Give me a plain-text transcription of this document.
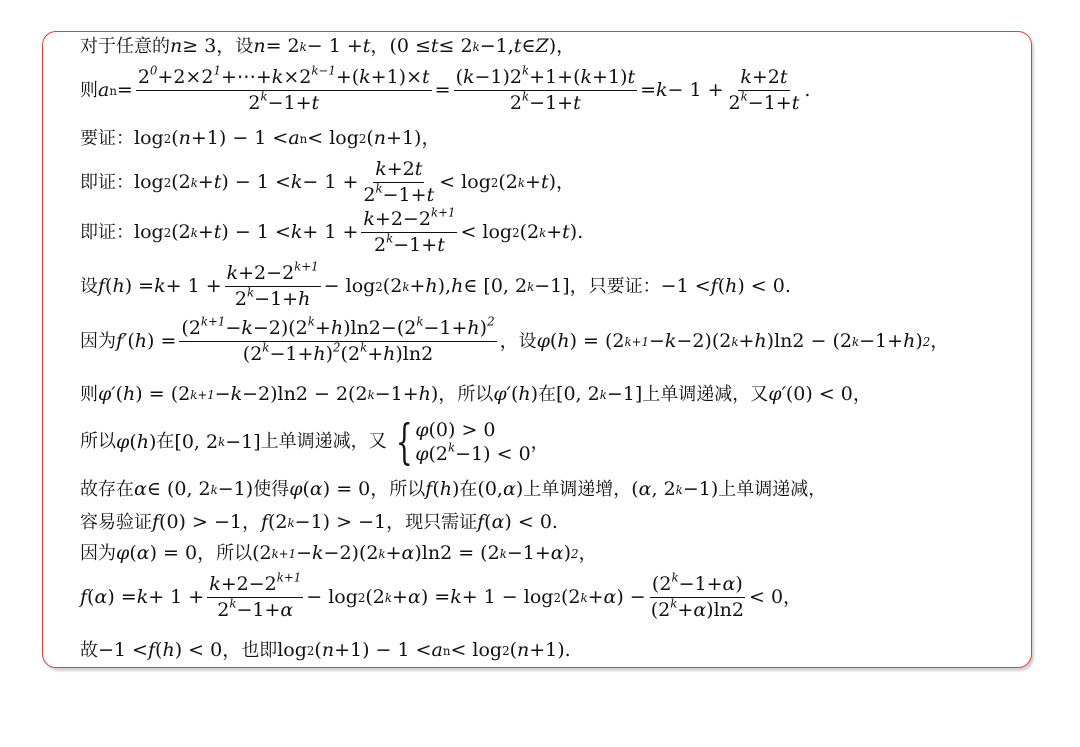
对于任意的 n ≥ 3， 设 n = 2 k − 1 + t ， (0 ≤ t ≤ 2 k −1, t ∈ Z )，
则 a $n = \frac{2^0+2\times 2^1+\cdots+k\times 2^{k-1}+(k+1)\times t}{2^k-1+t} = \frac{(k-1)2^k+1+(k+1)t}{2^k-1+t} = k - 1 + \frac{k+2t}{2^k-1+t}$ .
要证： log 2 ( n +1) − 1 < a n < log 2 ( n +1)，
即证： log 2 (2 k + t ) − $1 < k - 1 + \frac{k+2t}{2^k-1+t} < \log 2$ (2 k + t )，
即证： log 2 (2 k + t ) − $1 < k + 1 + \frac{k+2-2^{k+1}}{2^k-1+t} < \log 2$ (2 k + t ).
设 f ( h ) = $k + 1 + \frac{k+2-2^{k+1}}{2^k-1+h} - \log 2$ (2 k + h ), h ∈ [0, 2 k −1]， 只要证： −1 < f ( h ) < 0.
因为 f′ ( h ) = $\frac{(2^{k+1}-k-2)(2^k+h)\ln 2-(2^k-1+h)^2}{(2^k-1+h)^2(2^k+h)\ln 2}$ ， 设 φ ( h ) = (2 k+1 − k −2)(2 k + h )ln2 − (2 k −1+ h ) 2 ，
则 φ′ ( h ) = (2 k+1 − k −2)ln2 − 2(2 k −1+ h )， 所以 φ′ ( h ) 在 [0, 2 k −1] 上单调递减，又 φ′ (0) < 0，
所以 φ ( h ) 在 [0, 2 k −1] 上单调递减，又 { φ(0) > 0
$\varphi(2^k-1) < 0$
，
故存在 α ∈ (0, 2 k −1) 使得 φ ( α ) = 0， 所以 f ( h ) 在 (0, α ) 上单调递增， ( α , 2 k −1) 上单调递减，
容易验证 f (0) > −1， f (2 k −1) > −1， 现只需证 f ( α ) < 0.
因为 φ ( α ) = 0， 所以 (2 k+1 − k −2)(2 k + α )ln2 = (2 k −1+ α ) 2 ，
f ( α ) = $k + 1 + \frac{k+2-2^{k+1}}{2^k-1+\alpha} - \log 2$ (2 k + α ) = k + 1 − log 2 (2 k + α ) − $\frac{(2^k-1+\alpha)}{(2^k+\alpha)\ln 2} < 0$，
故 −1 < f ( h ) < 0， 也即 log 2 ( n +1) − 1 < a n < log 2 ( n +1).
